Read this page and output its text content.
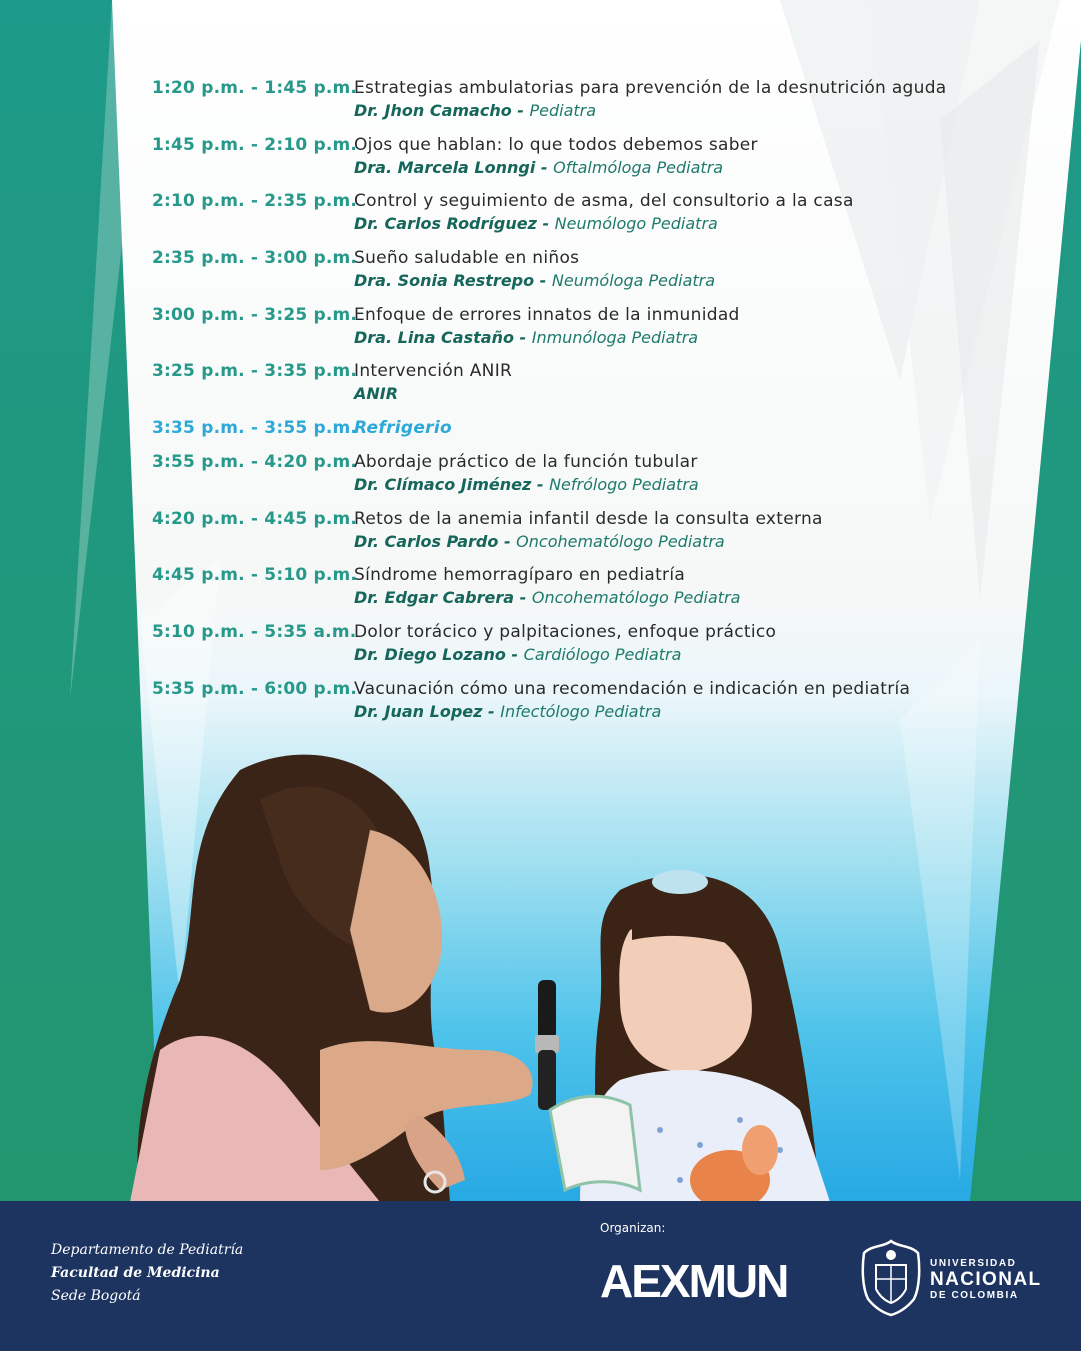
1:20 p.m. - 1:45 p.m.
Estrategias ambulatorias para prevención de la desnutrición aguda
Dr. Jhon Camacho - Pediatra
1:45 p.m. - 2:10 p.m.
Ojos que hablan: lo que todos debemos saber
Dra. Marcela Lonngi - Oftalmóloga Pediatra
2:10 p.m. - 2:35 p.m.
Control y seguimiento de asma, del consultorio a la casa
Dr. Carlos Rodríguez - Neumólogo Pediatra
2:35 p.m. - 3:00 p.m.
Sueño saludable en niños
Dra. Sonia Restrepo - Neumóloga Pediatra
3:00 p.m. - 3:25 p.m.
Enfoque de errores innatos de la inmunidad
Dra. Lina Castaño - Inmunóloga Pediatra
3:25 p.m. - 3:35 p.m.
Intervención ANIR
ANIR
3:35 p.m. - 3:55 p.m.
Refrigerio
3:55 p.m. - 4:20 p.m.
Abordaje práctico de la función tubular
Dr. Clímaco Jiménez - Nefrólogo Pediatra
4:20 p.m. - 4:45 p.m.
Retos de la anemia infantil desde la consulta externa
Dr. Carlos Pardo - Oncohematólogo Pediatra
4:45 p.m. - 5:10 p.m.
Síndrome hemorragíparo en pediatría
Dr. Edgar Cabrera - Oncohematólogo Pediatra
5:10 p.m. - 5:35 a.m.
Dolor torácico y palpitaciones, enfoque práctico
Dr. Diego Lozano - Cardiólogo Pediatra
5:35 p.m. - 6:00 p.m.
Vacunación cómo una recomendación e indicación en pediatría
Dr. Juan Lopez - Infectólogo Pediatra
Departamento de Pediatría
Facultad de Medicina
Sede Bogotá
Organizan:
AEXMUN	UNIVERSIDAD
NACIONAL
DE COLOMBIA
